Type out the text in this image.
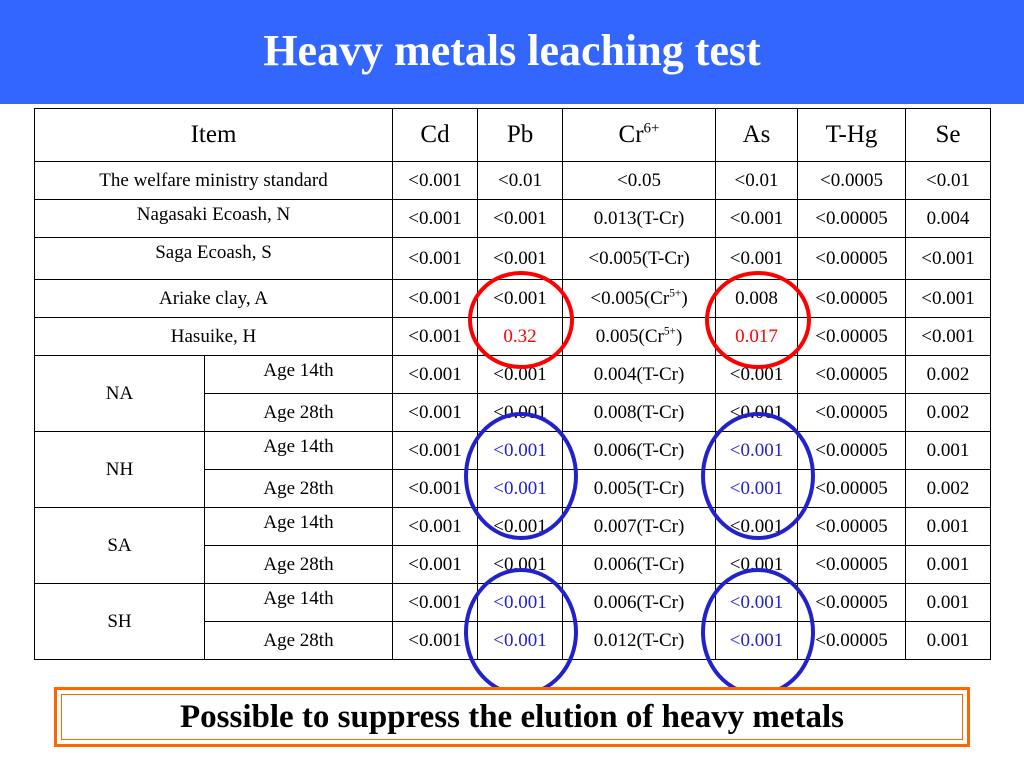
Heavy metals leaching test
Item		Cd	Pb	$Cr^{6+}$	As	T-Hg	Se
The welfare ministry standard		<0.001	<0.01	<0.05	<0.01	<0.0005	<0.01
Nagasaki Ecoash, N		<0.001	<0.001	0.013(T-Cr)	<0.001	<0.00005	0.004
Saga Ecoash, S		<0.001	<0.001	<0.005(T-Cr)	<0.001	<0.00005	<0.001
Ariake clay, A		<0.001	<0.001	$<0.005(Cr^{5+})$	0.008	<0.00005	<0.001
Hasuike, H		<0.001	0.32	$0.005(Cr^{5+})$	0.017	<0.00005	<0.001
NA	Age 14th	<0.001	<0.001	0.004(T-Cr)	<0.001	<0.00005	0.002
	Age 28th	<0.001	<0.001	0.008(T-Cr)	<0.001	<0.00005	0.002
NH	Age 14th	<0.001	<0.001	0.006(T-Cr)	<0.001	<0.00005	0.001
	Age 28th	<0.001	<0.001	0.005(T-Cr)	<0.001	<0.00005	0.002
SA	Age 14th	<0.001	<0.001	0.007(T-Cr)	<0.001	<0.00005	0.001
	Age 28th	<0.001	<0.001	0.006(T-Cr)	<0.001	<0.00005	0.001
SH	Age 14th	<0.001	<0.001	0.006(T-Cr)	<0.001	<0.00005	0.001
	Age 28th	<0.001	<0.001	0.012(T-Cr)	<0.001	<0.00005	0.001
Possible to suppress the elution of heavy metals
